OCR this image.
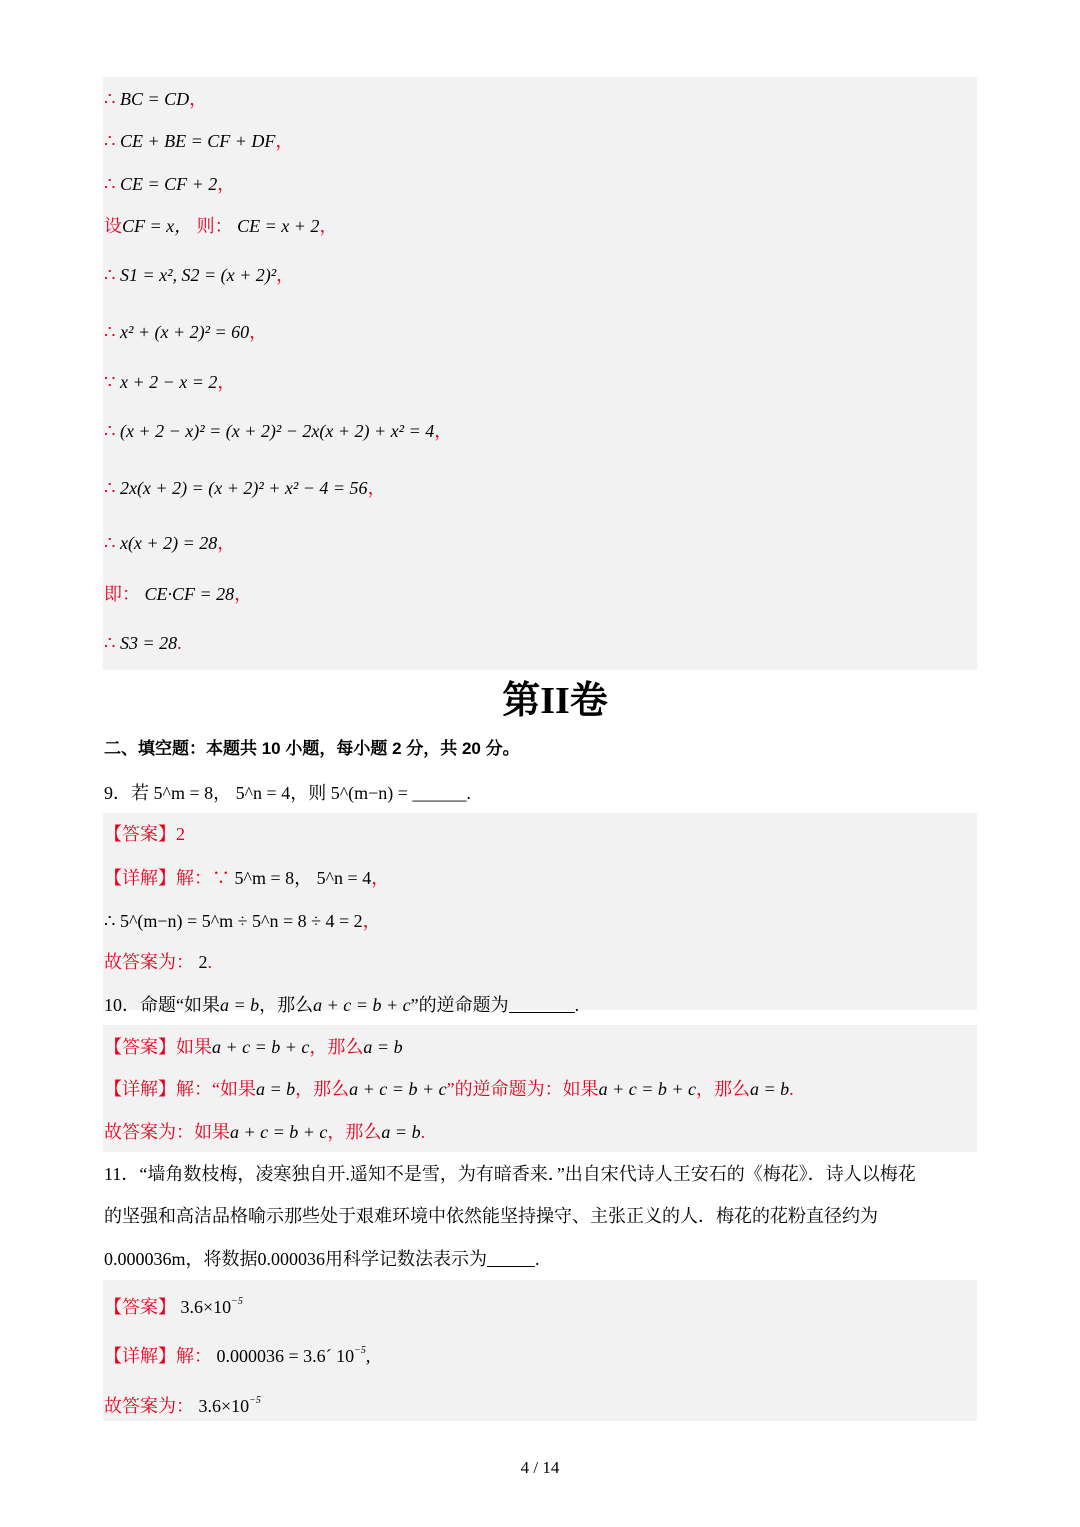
∴ BC = CD，
∴ CE + BE = CF + DF，
∴ CE = CF + 2，
设CF = x， 则： CE = x + 2，
∴ S1 = x², S2 = (x + 2)²，
∴ x² + (x + 2)² = 60，
∵ x + 2 − x = 2，
∴ (x + 2 − x)² = (x + 2)² − 2x(x + 2) + x² = 4，
∴ 2x(x + 2) = (x + 2)² + x² − 4 = 56，
∴ x(x + 2) = 28，
即： CE·CF = 28，
∴ S3 = 28.
第II卷
二、填空题：本题共 10 小题，每小题 2 分，共 20 分。
9．若 5^m = 8， 5^n = 4，则 5^(m−n) = ______.
【答案】2
【详解】解：∵ 5^m = 8， 5^n = 4，
∴ 5^(m−n) = 5^m ÷ 5^n = 8 ÷ 4 = 2，
故答案为： 2.
10．命题“如果a = b，那么a + c = b + c”的逆命题为	.
【答案】如果a + c = b + c，那么a = b
【详解】解：“如果a = b，那么a + c = b + c”的逆命题为：如果a + c = b + c，那么a = b.
故答案为：如果a + c = b + c，那么a = b.
11．“墙角数枝梅，凌寒独自开.遥知不是雪，为有暗香来．”出自宋代诗人王安石的《梅花》．诗人以梅花
的坚强和高洁品格喻示那些处于艰难环境中依然能坚持操守、主张正义的人．梅花的花粉直径约为
0.000036m，将数据0.000036用科学记数法表示为	.
【答案】 $3.6\times 10^{-5}$
【详解】解： 0.000036 = 3.6´ $10^{-5}$,
故答案为： $3.6\times 10^{-5}$
4 / 14
